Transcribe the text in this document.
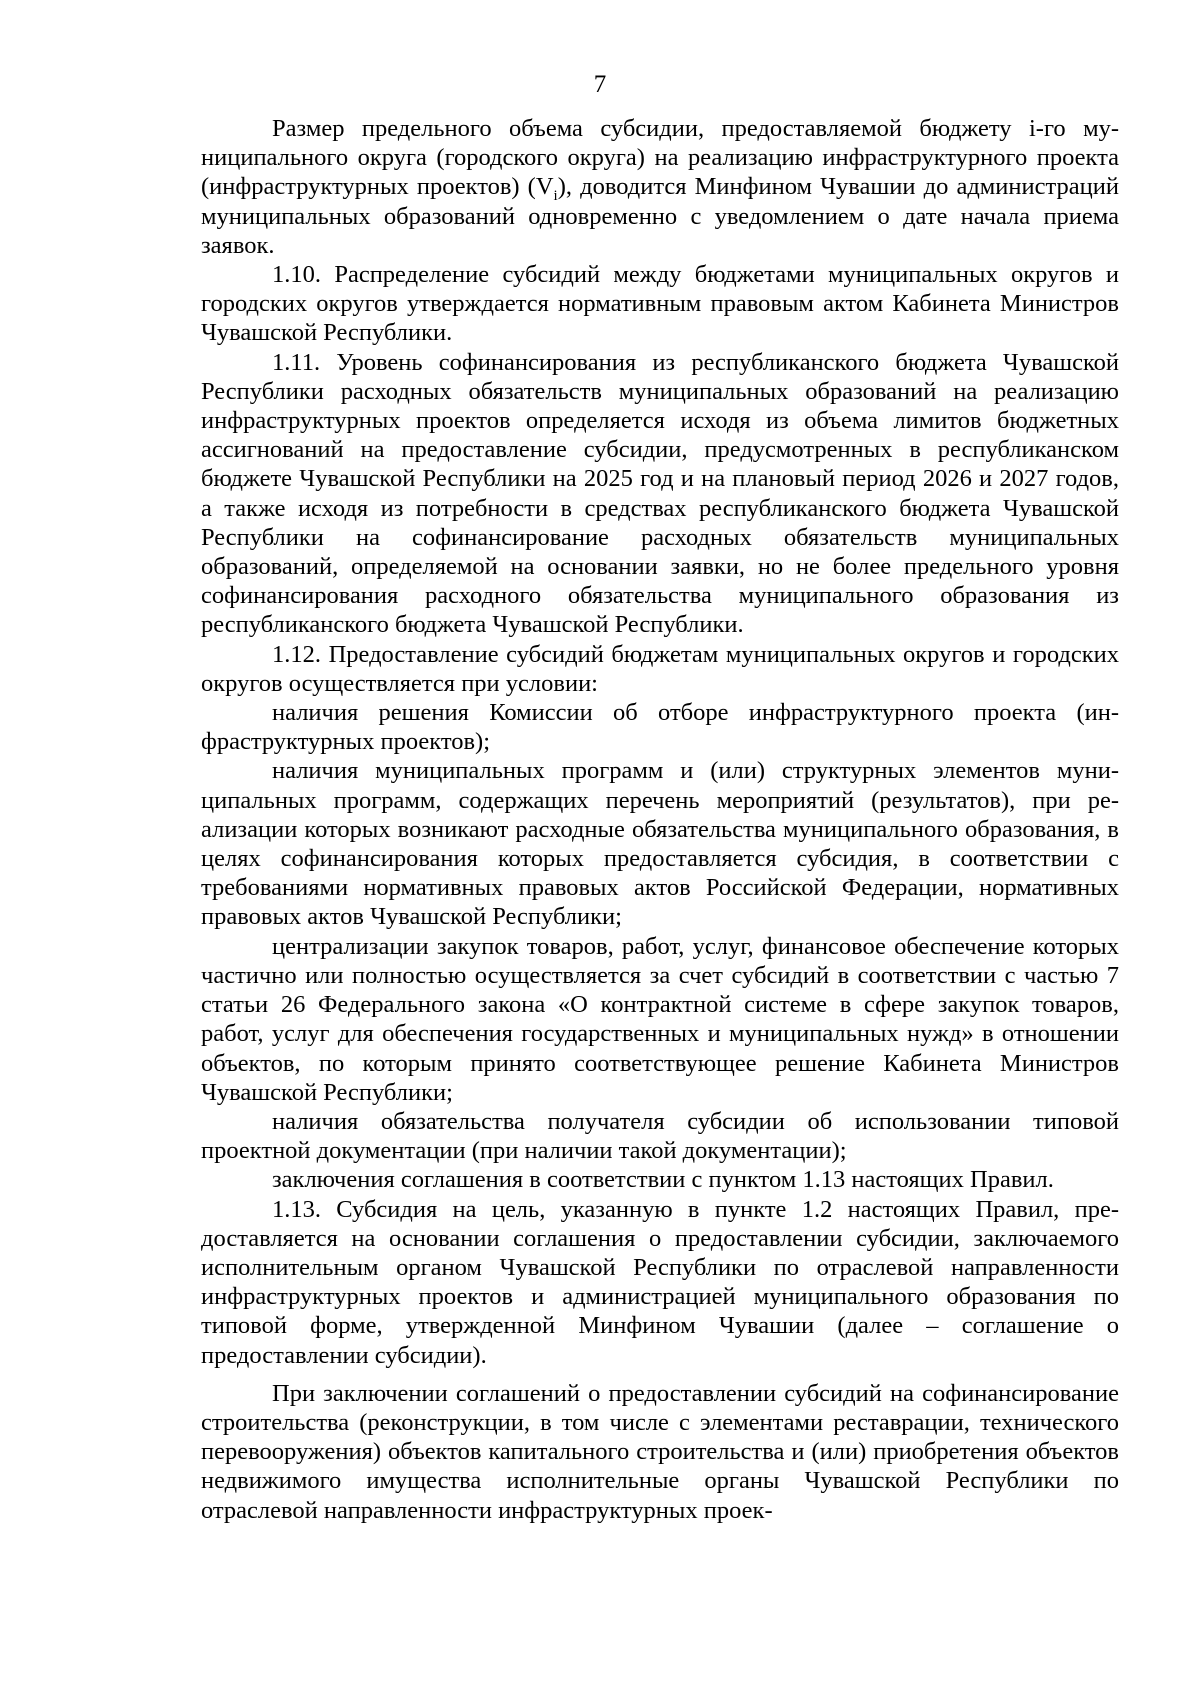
7

Размер предельного объема субсидии, предоставляемой бюджету i-го муниципального округа (городского округа) на реализацию инфраструктурного проекта (инфраструктурных проектов) $(V_i)$, доводится Минфином Чувашии до администраций муниципальных образований одновременно с уведомлением о дате начала приема заявок.

1.10. Распределение субсидий между бюджетами муниципальных округов и городских округов утверждается нормативным правовым актом Кабинета Министров Чувашской Республики.

1.11. Уровень софинансирования из республиканского бюджета Чувашской Республики расходных обязательств муниципальных образований на реализацию инфраструктурных проектов определяется исходя из объема лимитов бюджетных ассигнований на предоставление субсидии, предусмотренных в республиканском бюджете Чувашской Республики на 2025 год и на плановый период 2026 и 2027 годов, а также исходя из потребности в средствах республиканского бюджета Чувашской Республики на софинансирование расходных обязательств муниципальных образований, определяемой на основании заявки, но не более предельного уровня софинансирования расходного обязательства муниципального образования из республиканского бюджета Чувашской Республики.

1.12. Предоставление субсидий бюджетам муниципальных округов и городских округов осуществляется при условии:

наличия решения Комиссии об отборе инфраструктурного проекта (инфраструктурных проектов);

наличия муниципальных программ и (или) структурных элементов муниципальных программ, содержащих перечень мероприятий (результатов), при реализации которых возникают расходные обязательства муниципального образования, в целях софинансирования которых предоставляется субсидия, в соответствии с требованиями нормативных правовых актов Российской Федерации, нормативных правовых актов Чувашской Республики;

централизации закупок товаров, работ, услуг, финансовое обеспечение которых частично или полностью осуществляется за счет субсидий в соответствии с частью 7 статьи 26 Федерального закона «О контрактной системе в сфере закупок товаров, работ, услуг для обеспечения государственных и муниципальных нужд» в отношении объектов, по которым принято соответствующее решение Кабинета Министров Чувашской Республики;

наличия обязательства получателя субсидии об использовании типовой проектной документации (при наличии такой документации);

заключения соглашения в соответствии с пунктом 1.13 настоящих Правил.

1.13. Субсидия на цель, указанную в пункте 1.2 настоящих Правил, предоставляется на основании соглашения о предоставлении субсидии, заключаемого исполнительным органом Чувашской Республики по отраслевой направленности инфраструктурных проектов и администрацией муниципального образования по типовой форме, утвержденной Минфином Чувашии (далее – соглашение о предоставлении субсидии).

При заключении соглашений о предоставлении субсидий на софинансирование строительства (реконструкции, в том числе с элементами реставрации, технического перевооружения) объектов капитального строительства и (или) приобретения объектов недвижимого имущества исполнительные органы Чувашской Республики по отраслевой направленности инфраструктурных проек-
